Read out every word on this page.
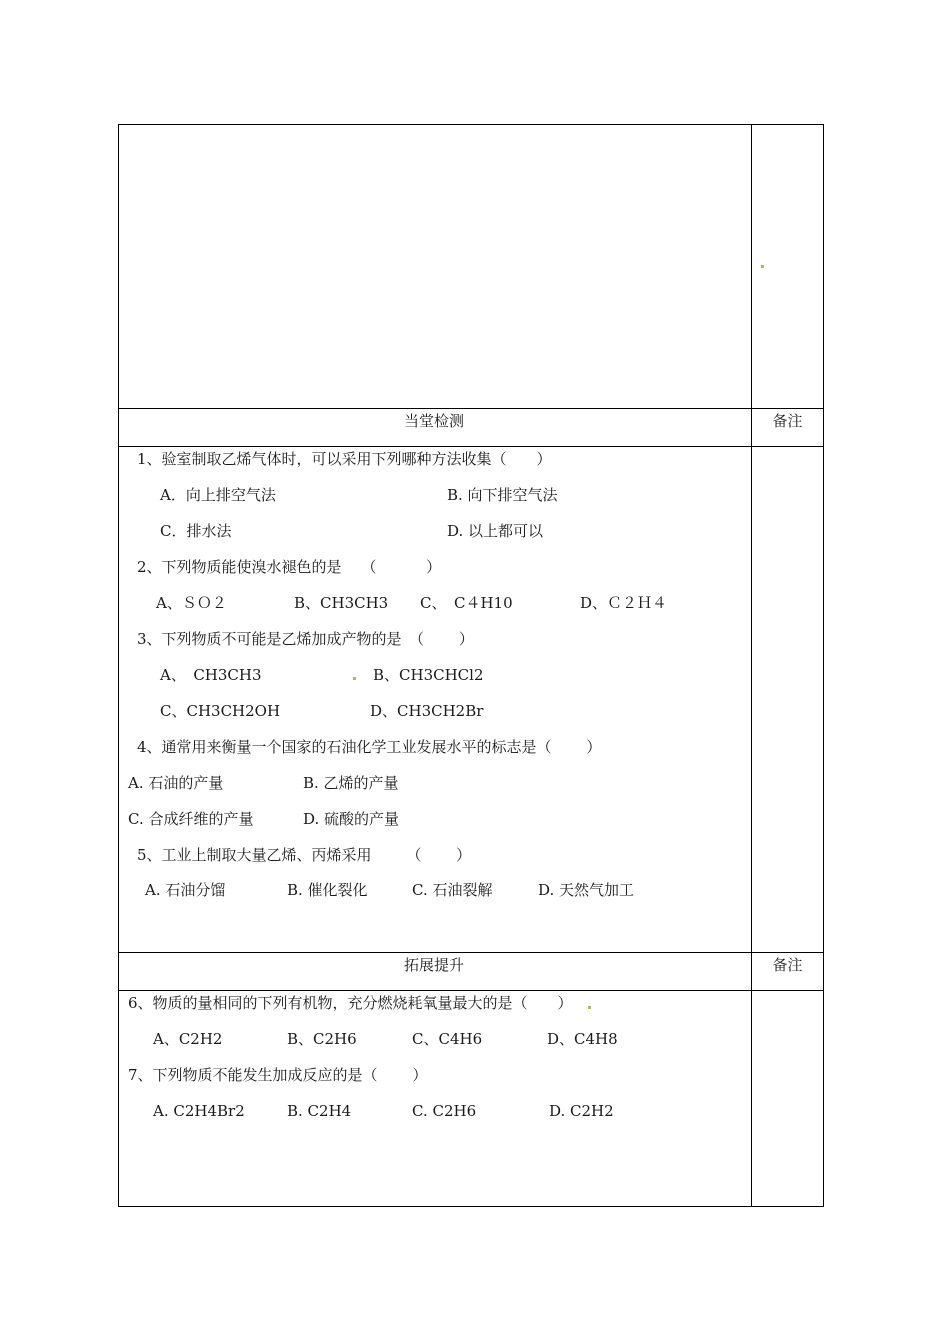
当堂检测	备注
1、验室制取乙烯气体时，可以采用下列哪种方法收集（　　）
A．向上排空气法	B. 向下排空气法
C．排水法	D. 以上都可以
2、下列物质能使溴水褪色的是　 （　　　 ）
A、ＳＯ２	B、CH3CH3 C、　C４H10	D、Ｃ２Ｈ４
3、下列物质不可能是乙烯加成产物的是　（　　 ）
A、　CH3CH3	B、CH3CHCl2
C、CH3CH2OH	D、CH3CH2Br
4、通常用来衡量一个国家的石油化学工业发展水平的标志是（　　 ）
A. 石油的产量	B. 乙烯的产量
C. 合成纤维的产量	D. 硫酸的产量
5、工业上制取大量乙烯、丙烯采用　　 （　　 ）
A. 石油分馏	B. 催化裂化	C. 石油裂解	D. 天然气加工
拓展提升	备注
6、物质的量相同的下列有机物，充分燃烧耗氧量最大的是（　　）
A、C2H2	B、C2H6	C、C4H6	D、C4H8
7、下列物质不能发生加成反应的是（　　 ）
A. C2H4Br2	B. C2H4	C. C2H6	D. C2H2
